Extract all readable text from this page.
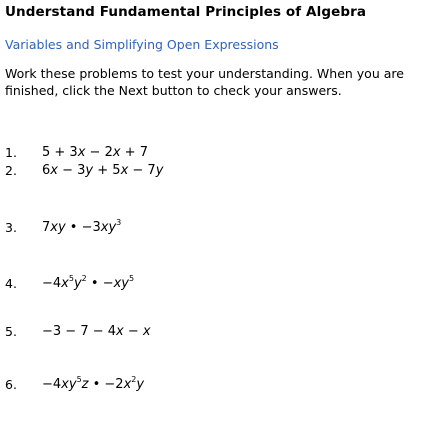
Understand Fundamental Principles of Algebra
Variables and Simplifying Open Expressions
Work these problems to test your understanding. When you are finished, click the Next button to check your answers.
1. 5 + 3x − 2x + 7
2. 6x − 3y + 5x − 7y
3. 7xy • $-3xy^3$
4. $-4x^5y^2$ • $-xy^5$
5. −3 − 7 − 4x − x
6. $-4xy^5z$ • $-2x^2y$
